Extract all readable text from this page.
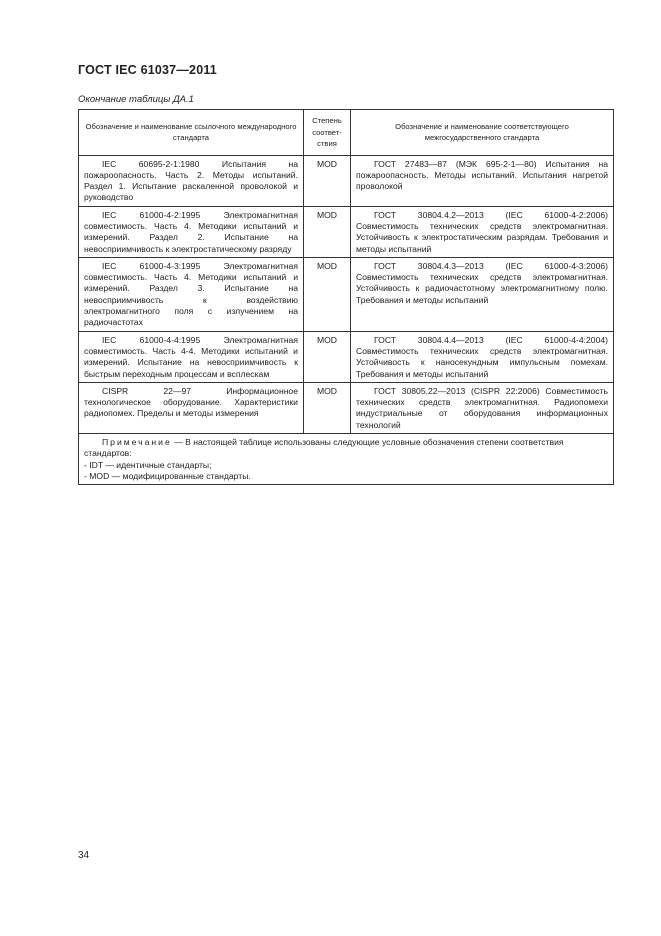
ГОСТ IEC 61037—2011
Окончание таблицы ДА.1
Обозначение и наименование ссылочного международного стандарта	Степень соответ-ствия	Обозначение и наименование соответствующего межгосударственного стандарта
IEC 60695-2-1:1980 Испытания на пожароопасность. Часть 2. Методы испытаний. Раздел 1. Испытание раскаленной проволокой и руководство	MOD	ГОСТ 27483—87 (МЭК 695-2-1—80) Испытания на пожароопасность. Методы испытаний. Испытания нагретой проволокой
IEC 61000-4-2:1995 Электромагнитная совместимость. Часть 4. Методики испытаний и измерений. Раздел 2. Испытание на невосприимчивость к электростатическому разряду	MOD	ГОСТ 30804.4.2—2013 (IEC 61000-4-2:2006) Совместимость технических средств электромагнитная. Устойчивость к электростатическим разрядам. Требования и методы испытаний
IEC 61000-4-3:1995 Электромагнитная совместимость. Часть 4. Методики испытаний и измерений. Раздел 3. Испытание на невосприимчивость к воздействию электромагнитного поля с излучением на радиочастотах	MOD	ГОСТ 30804.4.3—2013 (IEC 61000-4-3:2006) Совместимость технических средств электромагнитная. Устойчивость к радиочастотному электромагнитному полю. Требования и методы испытаний
IEC 61000-4-4:1995 Электромагнитная совместимость. Часть 4-4. Методики испытаний и измерений. Испытание на невосприимчивость к быстрым переходным процессам и всплескам	MOD	ГОСТ 30804.4.4—2013 (IEC 61000-4-4:2004) Совместимость технических средств электромагнитная. Устойчивость к наносекундным импульсным помехам. Требования и методы испытаний
CISPR 22—97 Информационное технологическое оборудование. Характеристики радиопомех. Пределы и методы измерения	MOD	ГОСТ 30805.22—2013 (CISPR 22:2006) Совместимость технических средств электромагнитная. Радиопомехи индустриальные от оборудования информационных технологий

Примечание — В настоящей таблице использованы следующие условные обозначения степени соответствия стандартов:
- IDT — идентичные стандарты;
- MOD — модифицированные стандарты.		
34
